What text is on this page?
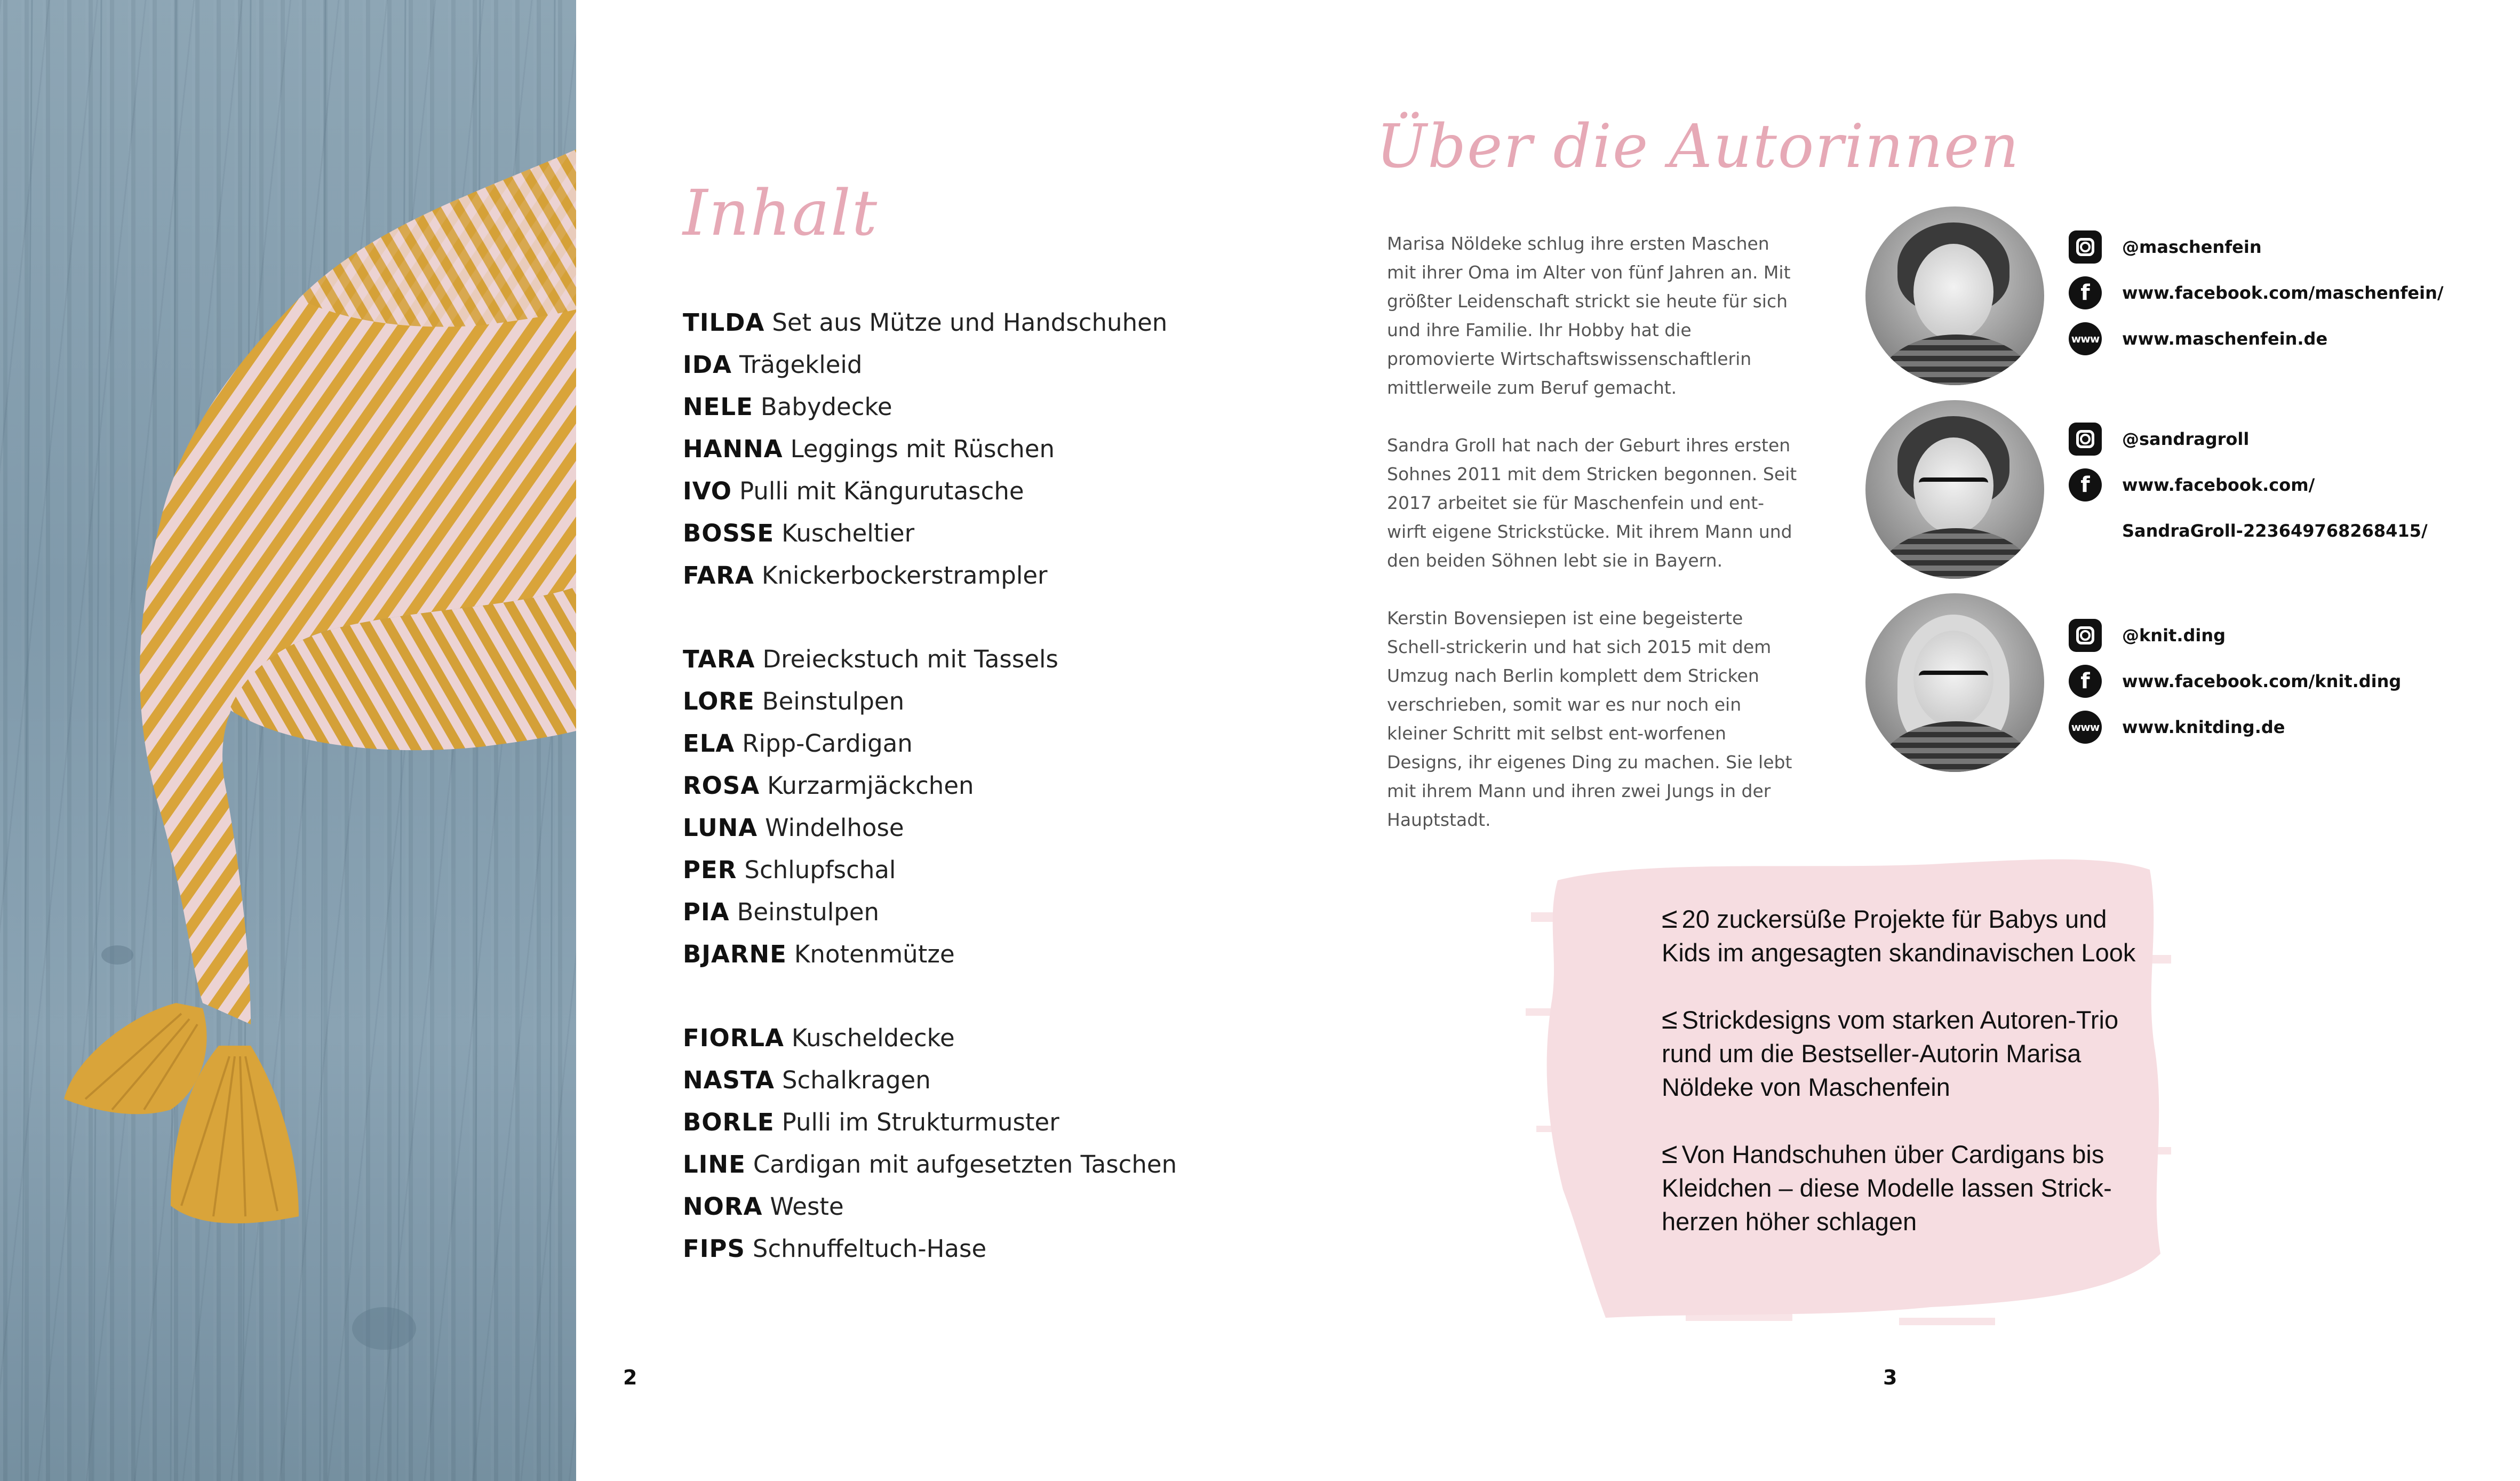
Inhalt
TILDA Set aus Mütze und Handschuhen
IDA Trägekleid
NELE Babydecke
HANNA Leggings mit Rüschen
IVO Pulli mit Kängurutasche
BOSSE Kuscheltier
FARA Knickerbockerstrampler
TARA Dreieckstuch mit Tassels
LORE Beinstulpen
ELA Ripp-Cardigan
ROSA Kurzarmjäckchen
LUNA Windelhose
PER Schlupfschal
PIA Beinstulpen
BJARNE Knotenmütze
FIORLA Kuscheldecke
NASTA Schalkragen
BORLE Pulli im Strukturmuster
LINE Cardigan mit aufgesetzten Taschen
NORA Weste
FIPS Schnuffeltuch-Hase
2
Über die Autorinnen

Marisa Nöldeke schlug ihre ersten Maschen mit ihrer Oma im Alter von fünf Jahren an. Mit größter Leidenschaft strickt sie heute für sich und ihre Familie. Ihr Hobby hat die promovierte Wirtschaftswissenschaftlerin mittlerweile zum Beruf gemacht.

Sandra Groll hat nach der Geburt ihres ersten Sohnes 2011 mit dem Stricken begonnen. Seit 2017 arbeitet sie für Maschenfein und ent-wirft eigene Strickstücke. Mit ihrem Mann und den beiden Söhnen lebt sie in Bayern.

Kerstin Bovensiepen ist eine begeisterte Schell-strickerin und hat sich 2015 mit dem Umzug nach Berlin komplett dem Stricken verschrieben, somit war es nur noch ein kleiner Schritt mit selbst ent-worfenen Designs, ihr eigenes Ding zu machen. Sie lebt mit ihrem Mann und ihren zwei Jungs in der Hauptstadt.

@maschenfein
f	www.facebook.com/maschenfein/
www www.maschenfein.de
@sandragroll
f	www.facebook.com/
SandraGroll-223649768268415/
@knit.ding
f	www.facebook.com/knit.ding
www www.knitding.de
≤ 20 zuckersüße Projekte für Babys und Kids im angesagten skandinavischen Look
≤ Strickdesigns vom starken Autoren-Trio rund um die Bestseller-Autorin Marisa Nöldeke von Maschenfein
≤ Von Handschuhen über Cardigans bis Kleidchen – diese Modelle lassen Strick-herzen höher schlagen
3
